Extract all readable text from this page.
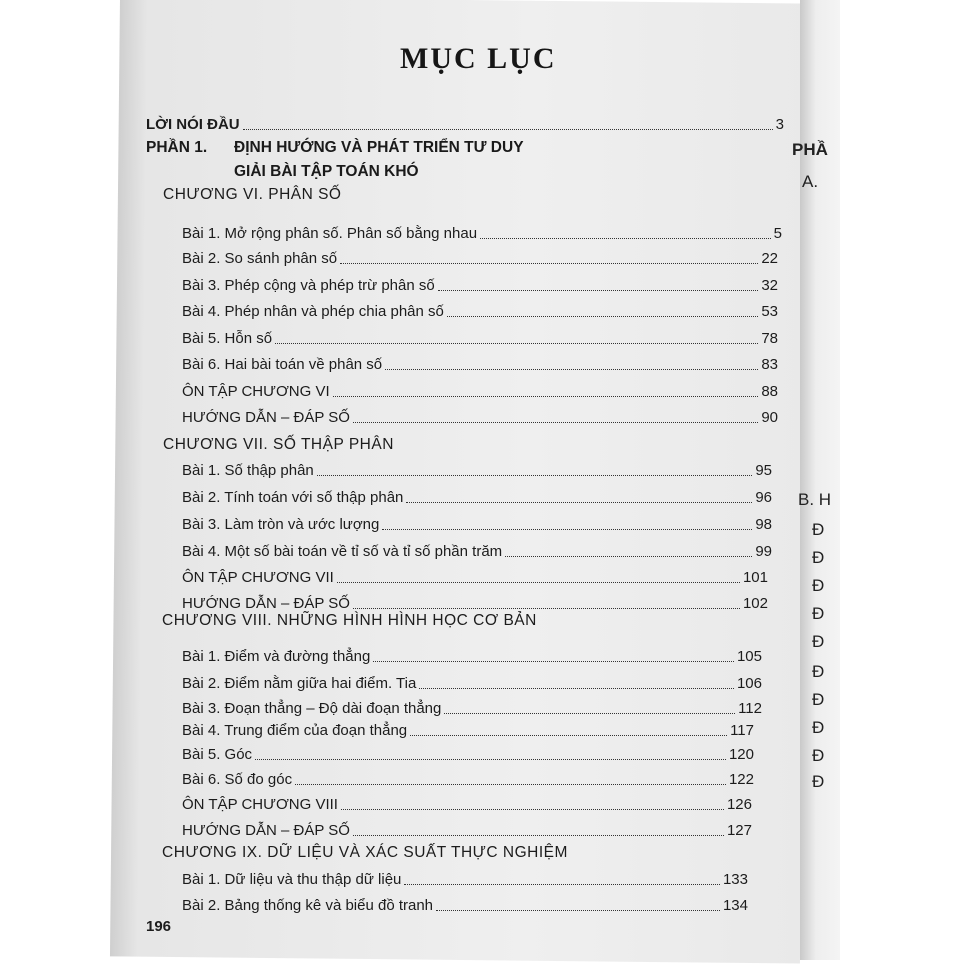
PHẦ
A.
B. H
Đ
Đ
Đ
Đ
Đ
Đ
Đ
Đ
Đ
Đ
MỤC LỤC
LỜI NÓI ĐẦU	3
PHẦN 1. ĐỊNH HƯỚNG VÀ PHÁT TRIỂN TƯ DUY
GIẢI BÀI TẬP TOÁN KHÓ
CHƯƠNG VI. PHÂN SỐ
Bài 1. Mở rộng phân số. Phân số bằng nhau	5
Bài 2. So sánh phân số	22
Bài 3. Phép cộng và phép trừ phân số	32
Bài 4. Phép nhân và phép chia phân số	53
Bài 5. Hỗn số	78
Bài 6. Hai bài toán về phân số	83
ÔN TẬP CHƯƠNG VI	88
HƯỚNG DẪN – ĐÁP SỐ	90
CHƯƠNG VII. SỐ THẬP PHÂN
Bài 1. Số thập phân	95
Bài 2. Tính toán với số thập phân	96
Bài 3. Làm tròn và ước lượng	98
Bài 4. Một số bài toán về tỉ số và tỉ số phần trăm	99
ÔN TẬP CHƯƠNG VII	101
HƯỚNG DẪN – ĐÁP SỐ	102
CHƯƠNG VIII. NHỮNG HÌNH HÌNH HỌC CƠ BẢN
Bài 1. Điểm và đường thẳng	105
Bài 2. Điểm nằm giữa hai điểm. Tia	106
Bài 3. Đoạn thẳng – Độ dài đoạn thẳng	112
Bài 4. Trung điểm của đoạn thẳng	117
Bài 5. Góc	120
Bài 6. Số đo góc	122
ÔN TẬP CHƯƠNG VIII	126
HƯỚNG DẪN – ĐÁP SỐ	127
CHƯƠNG IX. DỮ LIỆU VÀ XÁC SUẤT THỰC NGHIỆM
Bài 1. Dữ liệu và thu thập dữ liệu	133
Bài 2. Bảng thống kê và biểu đồ tranh	134
196
